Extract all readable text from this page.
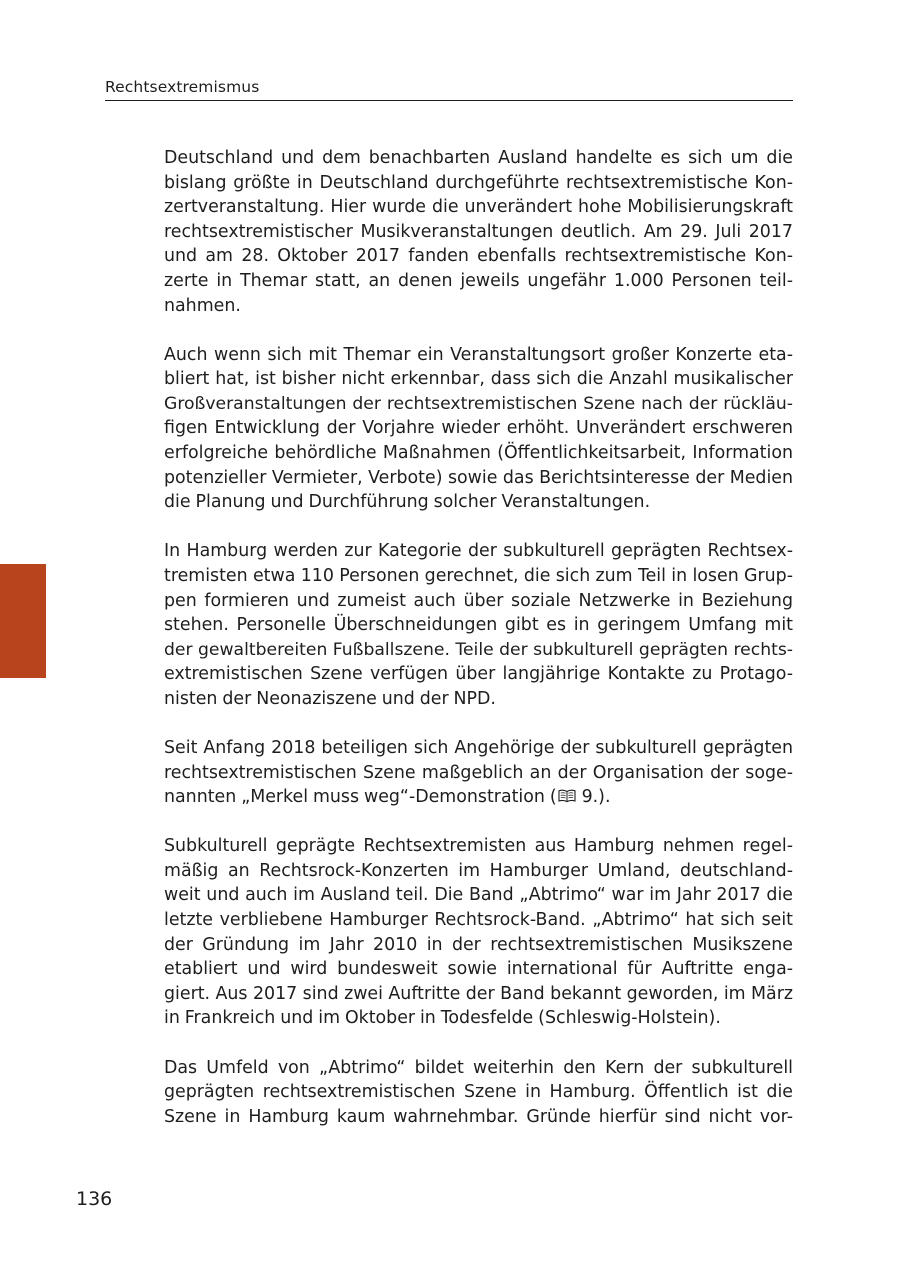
Rechtsextremismus

Deutschland und dem benachbarten Ausland handelte es sich um die
bislang größte in Deutschland durchgeführte rechtsextremistische Kon-
zertveranstaltung. Hier wurde die unverändert hohe Mobilisierungskraft
rechtsextremistischer Musikveranstaltungen deutlich. Am 29. Juli 2017
und am 28. Oktober 2017 fanden ebenfalls rechtsextremistische Kon-
zerte in Themar statt, an denen jeweils ungefähr 1.000 Personen teil-
nahmen.

Auch wenn sich mit Themar ein Veranstaltungsort großer Konzerte eta-
bliert hat, ist bisher nicht erkennbar, dass sich die Anzahl musikalischer
Großveranstaltungen der rechtsextremistischen Szene nach der rückläu-
figen Entwicklung der Vorjahre wieder erhöht. Unverändert erschweren
erfolgreiche behördliche Maßnahmen (Öffentlichkeitsarbeit, Information
potenzieller Vermieter, Verbote) sowie das Berichtsinteresse der Medien
die Planung und Durchführung solcher Veranstaltungen.

In Hamburg werden zur Kategorie der subkulturell geprägten Rechtsex-
tremisten etwa 110 Personen gerechnet, die sich zum Teil in losen Grup-
pen formieren und zumeist auch über soziale Netzwerke in Beziehung
stehen. Personelle Überschneidungen gibt es in geringem Umfang mit
der gewaltbereiten Fußballszene. Teile der subkulturell geprägten rechts-
extremistischen Szene verfügen über langjährige Kontakte zu Protago-
nisten der Neonaziszene und der NPD.

Seit Anfang 2018 beteiligen sich Angehörige der subkulturell geprägten
rechtsextremistischen Szene maßgeblich an der Organisation der soge-
nannten „Merkel muss weg“-Demonstration ( 9.).

Subkulturell geprägte Rechtsextremisten aus Hamburg nehmen regel-
mäßig an Rechtsrock-Konzerten im Hamburger Umland, deutschland-
weit und auch im Ausland teil. Die Band „Abtrimo“ war im Jahr 2017 die
letzte verbliebene Hamburger Rechtsrock-Band. „Abtrimo“ hat sich seit
der Gründung im Jahr 2010 in der rechtsextremistischen Musikszene
etabliert und wird bundesweit sowie international für Auftritte enga-
giert. Aus 2017 sind zwei Auftritte der Band bekannt geworden, im März
in Frankreich und im Oktober in Todesfelde (Schleswig-Holstein).

Das Umfeld von „Abtrimo“ bildet weiterhin den Kern der subkulturell
geprägten rechtsextremistischen Szene in Hamburg. Öffentlich ist die
Szene in Hamburg kaum wahrnehmbar. Gründe hierfür sind nicht vor-

136
